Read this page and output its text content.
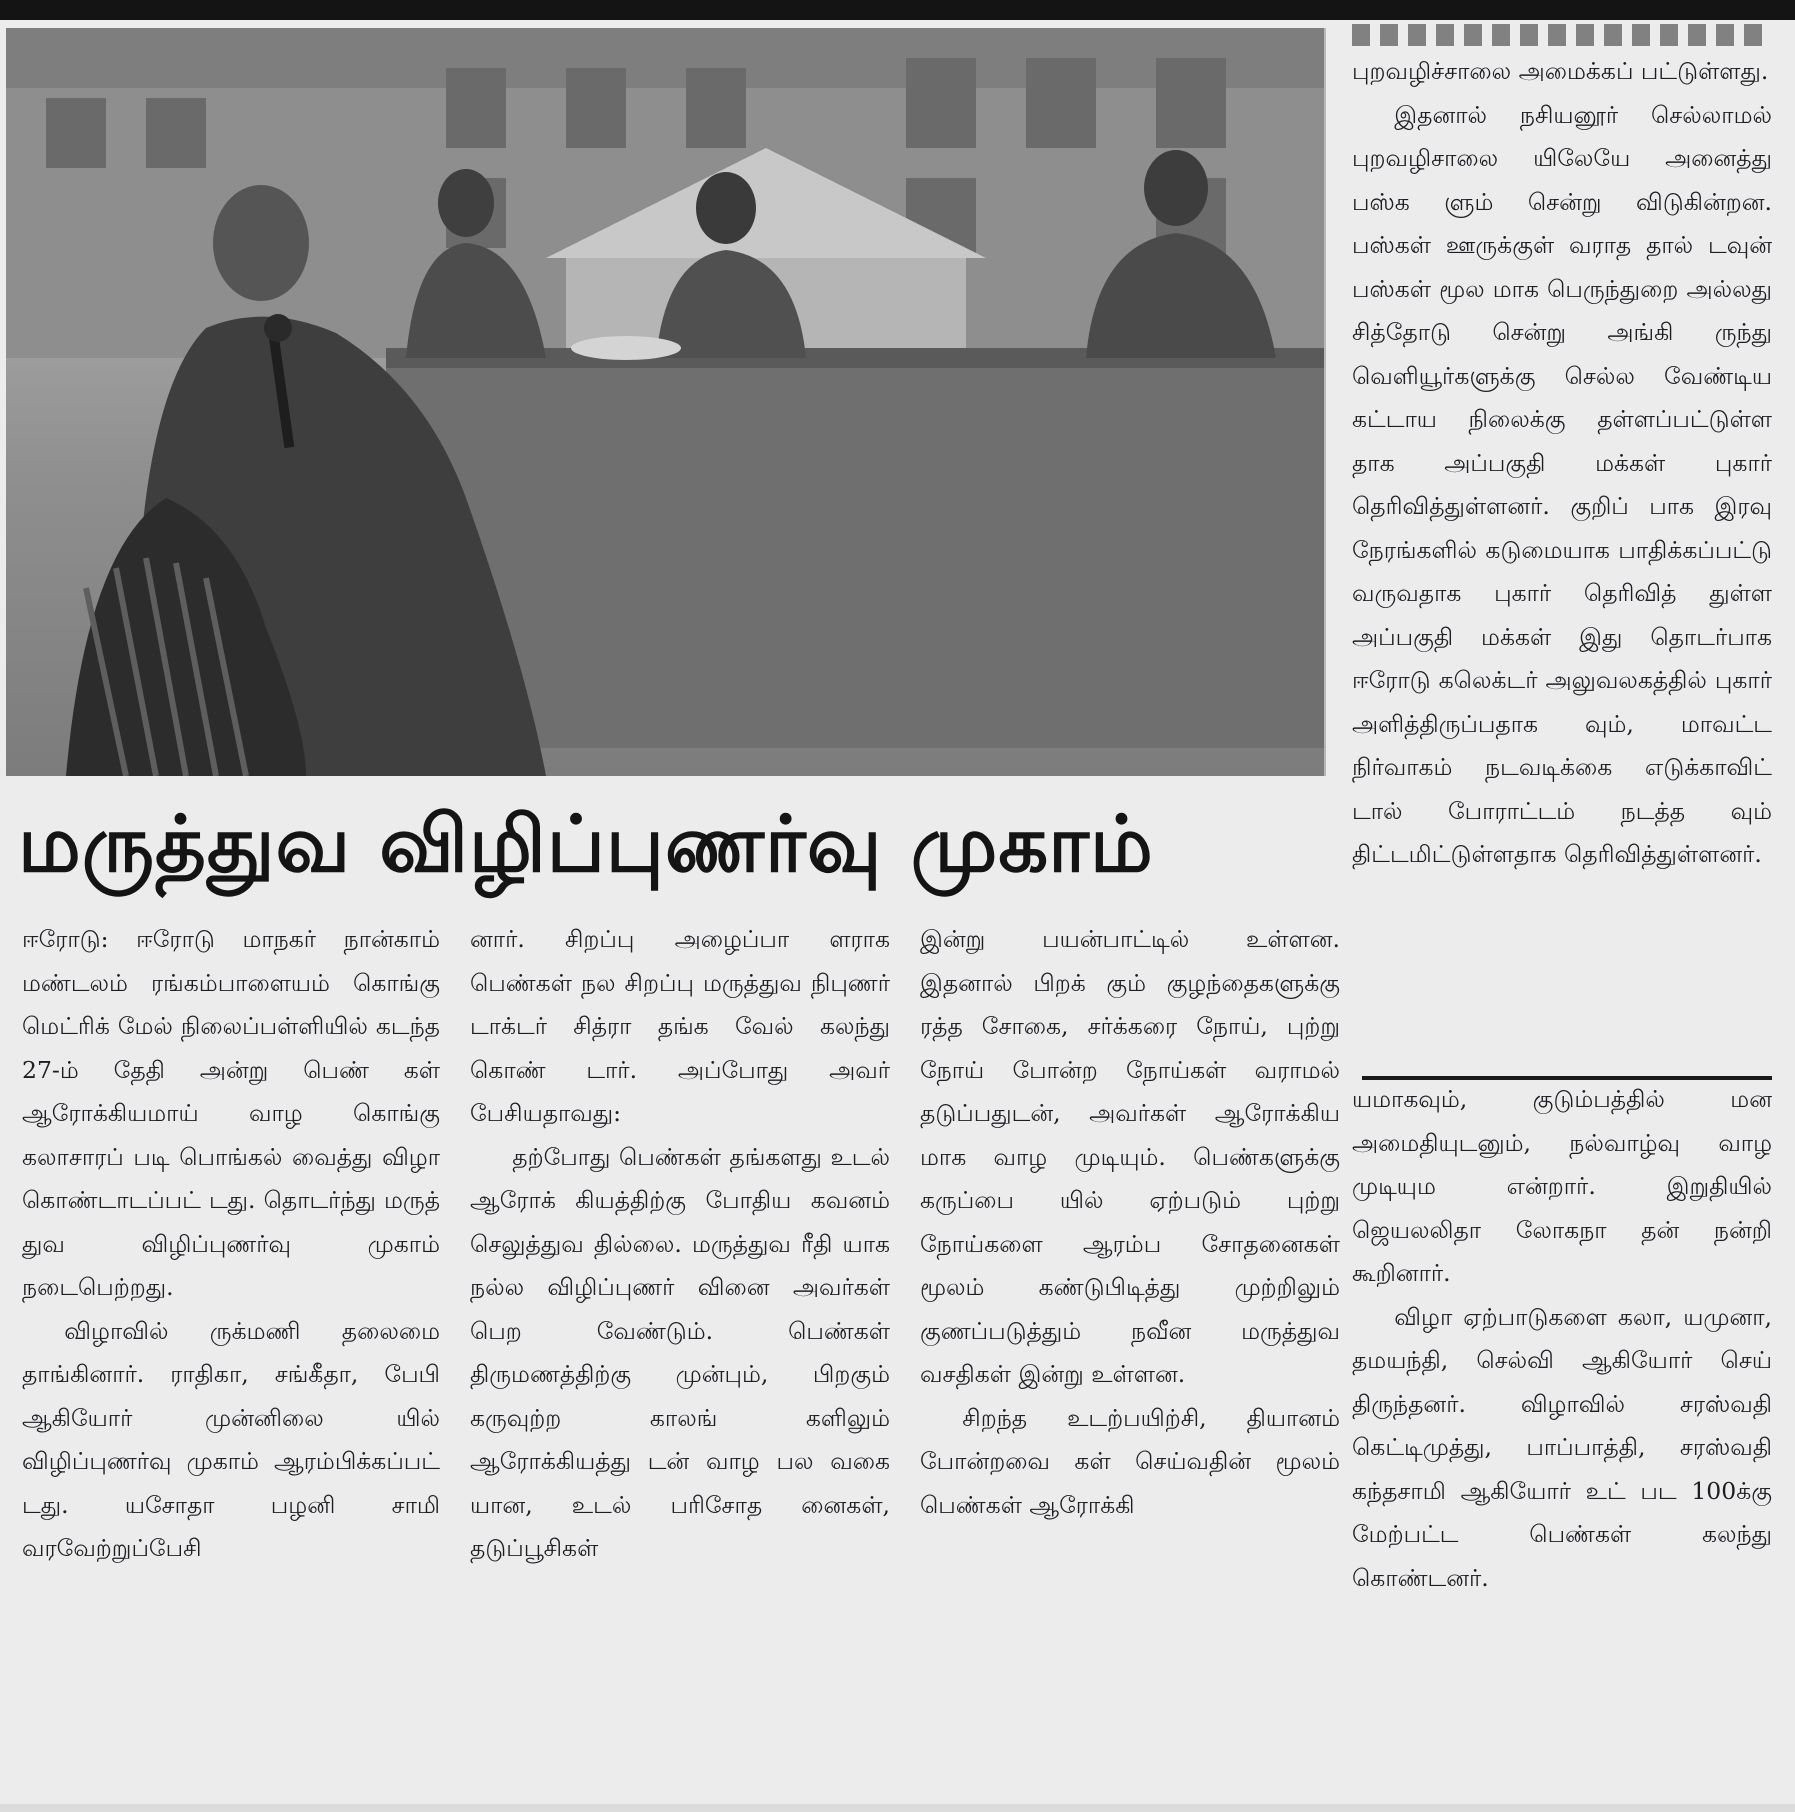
மருத்துவ விழிப்புணர்வு முகாம்

புறவழிச்சாலை அமைக்கப் பட்டுள்ளது.

இதனால் நசியனூர் செல்லாமல் புறவழிசாலை யிலேயே அனைத்து பஸ்க ளும் சென்று விடுகின்றன. பஸ்கள் ஊருக்குள் வராத தால் டவுன் பஸ்கள் மூல மாக பெருந்துறை அல்லது சித்தோடு சென்று அங்கி ருந்து வெளியூர்களுக்கு செல்ல வேண்டிய கட்டாய நிலைக்கு தள்ளப்பட்டுள்ள தாக அப்பகுதி மக்கள் புகார் தெரிவித்துள்ளனர். குறிப் பாக இரவு நேரங்களில் கடுமையாக பாதிக்கப்பட்டு வருவதாக புகார் தெரிவித் துள்ள அப்பகுதி மக்கள் இது தொடர்பாக ஈரோடு கலெக்டர் அலுவலகத்தில் புகார் அளித்திருப்பதாக வும், மாவட்ட நிர்வாகம் நடவடிக்கை எடுக்காவிட் டால் போராட்டம் நடத்த வும் திட்டமிட்டுள்ளதாக தெரிவித்துள்ளனர்.

ஈரோடு: ஈரோடு மாநகர் நான்காம் மண்டலம் ரங்கம்பாளையம் கொங்கு மெட்ரிக் மேல் நிலைப்பள்ளியில் கடந்த 27-ம் தேதி அன்று பெண் கள் ஆரோக்கியமாய் வாழ கொங்கு கலாசாரப் படி பொங்கல் வைத்து விழா கொண்டாடப்பட் டது. தொடர்ந்து மருத் துவ விழிப்புணர்வு முகாம் நடைபெற்றது.

விழாவில் ருக்மணி தலைமை தாங்கினார். ராதிகா, சங்கீதா, பேபி ஆகியோர் முன்னிலை யில் விழிப்புணர்வு முகாம் ஆரம்பிக்கப்பட் டது. யசோதா பழனி சாமி வரவேற்றுப்பேசி

னார். சிறப்பு அழைப்பா ளராக பெண்கள் நல சிறப்பு மருத்துவ நிபுணர் டாக்டர் சித்ரா தங்க வேல் கலந்து கொண் டார். அப்போது அவர் பேசியதாவது:

தற்போது பெண்கள் தங்களது உடல் ஆரோக் கியத்திற்கு போதிய கவனம் செலுத்துவ தில்லை. மருத்துவ ரீதி யாக நல்ல விழிப்புணர் வினை அவர்கள் பெற வேண்டும். பெண்கள் திருமணத்திற்கு முன்பும், பிறகும் கருவுற்ற காலங் களிலும் ஆரோக்கியத்து டன் வாழ பல வகை யான, உடல் பரிசோத னைகள், தடுப்பூசிகள்

இன்று பயன்பாட்டில் உள்ளன. இதனால் பிறக் கும் குழந்தைகளுக்கு ரத்த சோகை, சர்க்கரை நோய், புற்று நோய் போன்ற நோய்கள் வராமல் தடுப்பதுடன், அவர்கள் ஆரோக்கிய மாக வாழ முடியும். பெண்களுக்கு கருப்பை யில் ஏற்படும் புற்று நோய்களை ஆரம்ப சோதனைகள் மூலம் கண்டுபிடித்து முற்றிலும் குணப்படுத்தும் நவீன மருத்துவ வசதிகள் இன்று உள்ளன.

சிறந்த உடற்பயிற்சி, தியானம் போன்றவை கள் செய்வதின் மூலம் பெண்கள் ஆரோக்கி

யமாகவும், குடும்பத்தில் மன அமைதியுடனும், நல்வாழ்வு வாழ முடியும என்றார். இறுதியில் ஜெயலலிதா லோகநா தன் நன்றி கூறினார்.

விழா ஏற்பாடுகளை கலா, யமுனா, தமயந்தி, செல்வி ஆகியோர் செய் திருந்தனர். விழாவில் சரஸ்வதி கெட்டிமுத்து, பாப்பாத்தி, சரஸ்வதி கந்தசாமி ஆகியோர் உட் பட 100க்கு மேற்பட்ட பெண்கள் கலந்து கொண்டனர்.
